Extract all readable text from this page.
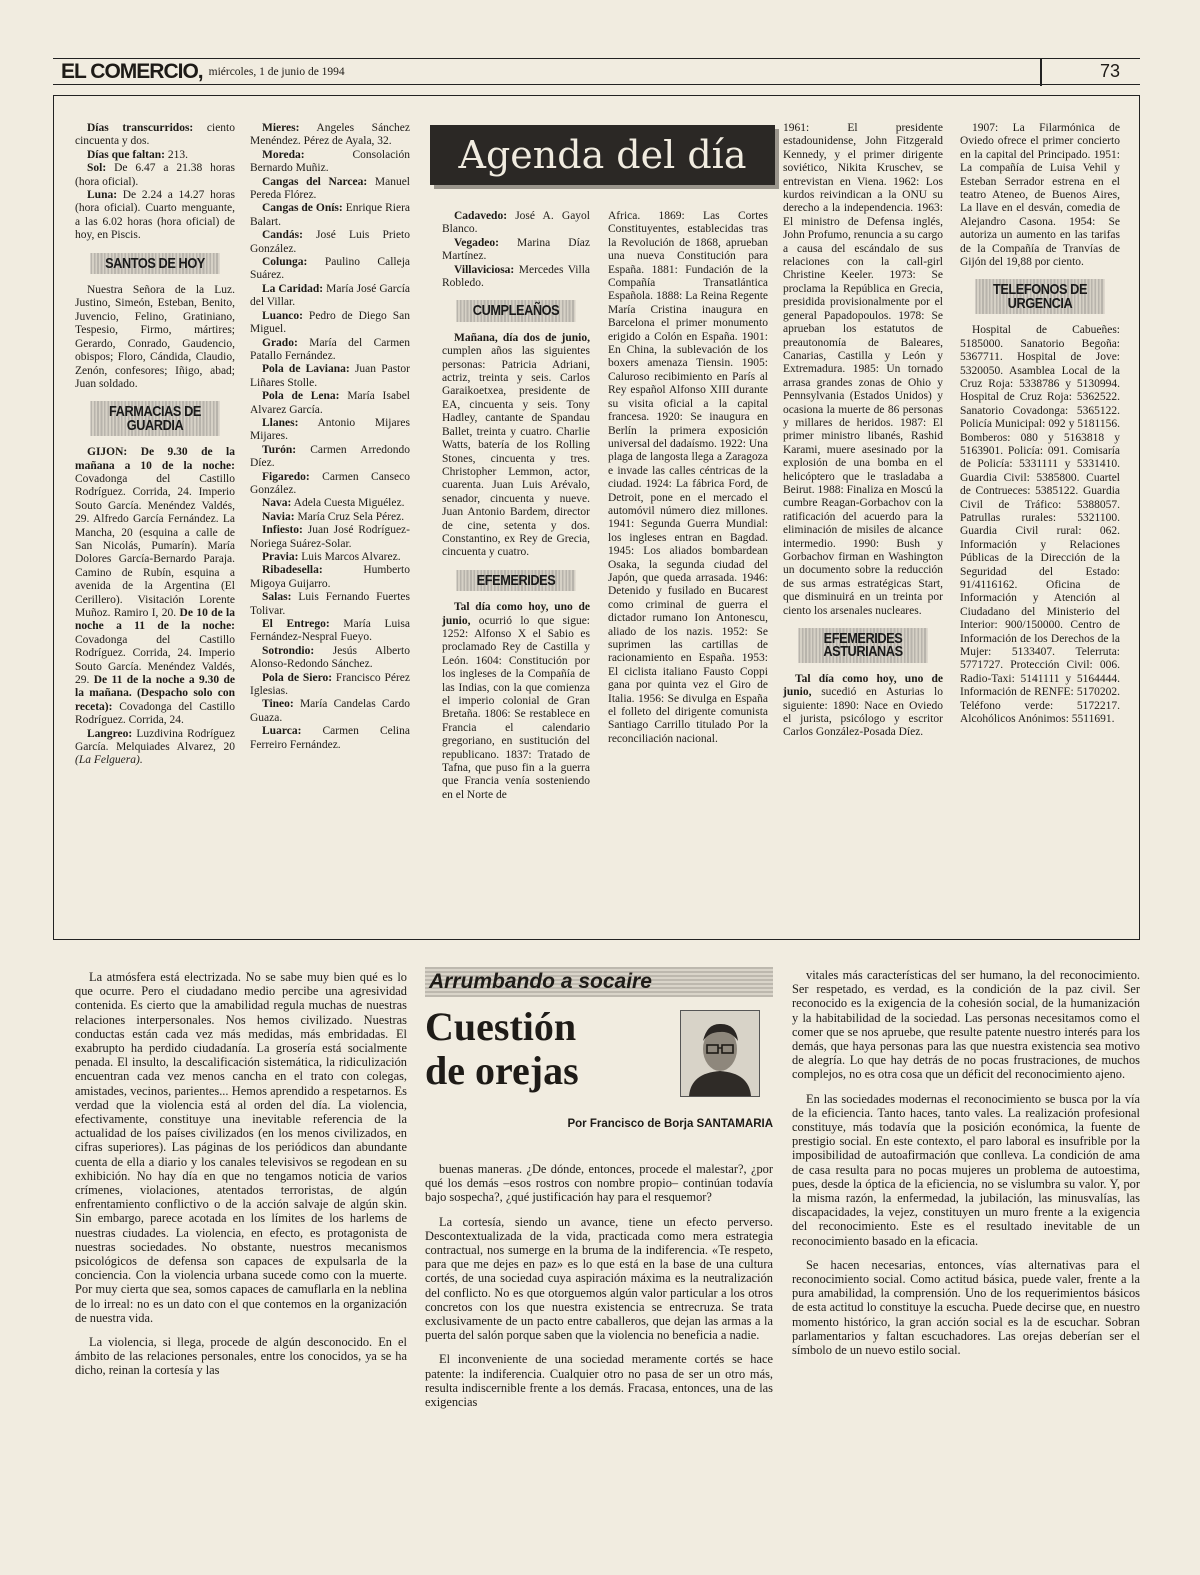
EL COMERCIO, miércoles, 1 de junio de 1994	73
Agenda del día

Días transcurridos: ciento cincuenta y dos.

Días que faltan: 213.

Sol: De 6.47 a 21.38 horas (hora oficial).

Luna: De 2.24 a 14.27 horas (hora oficial). Cuarto menguante, a las 6.02 horas (hora oficial) de hoy, en Piscis.

SANTOS DE HOY

Nuestra Señora de la Luz. Justino, Simeón, Esteban, Benito, Juvencio, Felino, Gratiniano, Tespesio, Firmo, mártires; Gerardo, Conrado, Gaudencio, obispos; Floro, Cándida, Claudio, Zenón, confesores; Iñigo, abad; Juan soldado.

FARMACIAS DE GUARDIA

GIJON: De 9.30 de la mañana a 10 de la noche: Covadonga del Castillo Rodríguez. Corrida, 24. Imperio Souto García. Menéndez Valdés, 29. Alfredo García Fernández. La Mancha, 20 (esquina a calle de San Nicolás, Pumarín). María Dolores García-Bernardo Paraja. Camino de Rubín, esquina a avenida de la Argentina (El Cerillero). Visitación Lorente Muñoz. Ramiro I, 20. De 10 de la noche a 11 de la noche: Covadonga del Castillo Rodríguez. Corrida, 24. Imperio Souto García. Menéndez Valdés, 29. De 11 de la noche a 9.30 de la mañana. (Despacho solo con receta): Covadonga del Castillo Rodríguez. Corrida, 24.

Langreo: Luzdivina Rodríguez García. Melquiades Alvarez, 20 (La Felguera).

Mieres: Angeles Sánchez Menéndez. Pérez de Ayala, 32.

Moreda:	Consolación Bernardo Muñiz.

Cangas del Narcea: Manuel Pereda Flórez.

Cangas de Onís: Enrique Riera Balart.

Candás: José Luis Prieto González.

Colunga: Paulino Calleja Suárez.

La Caridad: María José García del Villar.

Luanco: Pedro de Diego San Miguel.

Grado: María del Carmen Patallo Fernández.

Pola de Laviana: Juan Pastor Liñares Stolle.

Pola de Lena: María Isabel Alvarez García.

Llanes: Antonio Mijares Mijares.

Turón: Carmen Arredondo Díez.

Figaredo: Carmen Canseco González.

Nava: Adela Cuesta Miguélez.

Navia: María Cruz Sela Pérez.

Infiesto: Juan José Rodríguez-Noriega Suárez-Solar.

Pravia: Luis Marcos Alvarez.

Ribadesella:	Humberto Migoya Guijarro.

Salas: Luis Fernando Fuertes Tolivar.

El Entrego: María Luisa Fernández-Nespral Fueyo.

Sotrondio: Jesús Alberto Alonso-Redondo Sánchez.

Pola de Siero: Francisco Pérez Iglesias.

Tineo: María Candelas Cardo Guaza.

Luarca: Carmen Celina Ferreiro Fernández.

Cadavedo: José A. Gayol Blanco.

Vegadeo: Marina Díaz Martínez.

Villaviciosa: Mercedes Villa Robledo.

CUMPLEAÑOS

Mañana, día dos de junio, cumplen años las siguientes personas: Patricia Adriani, actriz, treinta y seis. Carlos Garaikoetxea, presidente de EA, cincuenta y seis. Tony Hadley, cantante de Spandau Ballet, treinta y cuatro. Charlie Watts, batería de los Rolling Stones, cincuenta y tres. Christopher Lemmon, actor, cuarenta. Juan Luis Arévalo, senador, cincuenta y nueve. Juan Antonio Bardem, director de cine, setenta y dos. Constantino, ex Rey de Grecia, cincuenta y cuatro.

EFEMERIDES

Tal día como hoy, uno de junio, ocurrió lo que sigue: 1252: Alfonso X el Sabio es proclamado Rey de Castilla y León. 1604: Constitución por los ingleses de la Compañía de las Indias, con la que comienza el imperio colonial de Gran Bretaña. 1806: Se restablece en Francia el calendario gregoriano, en sustitución del republicano. 1837: Tratado de Tafna, que puso fin a la guerra que Francia venía sosteniendo en el Norte de

Africa. 1869: Las Cortes Constituyentes, establecidas tras la Revolución de 1868, aprueban una nueva Constitución para España. 1881: Fundación de la Compañía Transatlántica Española. 1888: La Reina Regente María Cristina inaugura en Barcelona el primer monumento erigido a Colón en España. 1901: En China, la sublevación de los boxers amenaza Tiensin. 1905: Caluroso recibimiento en París al Rey español Alfonso XIII durante su visita oficial a la capital francesa. 1920: Se inaugura en Berlín la primera exposición universal del dadaísmo. 1922: Una plaga de langosta llega a Zaragoza e invade las calles céntricas de la ciudad. 1924: La fábrica Ford, de Detroit, pone en el mercado el automóvil número diez millones. 1941: Segunda Guerra Mundial: los ingleses entran en Bagdad. 1945: Los aliados bombardean Osaka, la segunda ciudad del Japón, que queda arrasada. 1946: Detenido y fusilado en Bucarest como criminal de guerra el dictador rumano Ion Antonescu, aliado de los nazis. 1952: Se suprimen las cartillas de racionamiento en España. 1953: El ciclista italiano Fausto Coppi gana por quinta vez el Giro de Italia. 1956: Se divulga en España el folleto del dirigente comunista Santiago Carrillo titulado Por la reconciliación nacional.

1961: El presidente estadounidense, John Fitzgerald Kennedy, y el primer dirigente soviético, Nikita Kruschev, se entrevistan en Viena. 1962: Los kurdos reivindican a la ONU su derecho a la independencia. 1963: El ministro de Defensa inglés, John Profumo, renuncia a su cargo a causa del escándalo de sus relaciones con la call-girl Christine Keeler. 1973: Se proclama la República en Grecia, presidida provisionalmente por el general Papadopoulos. 1978: Se aprueban los estatutos de preautonomía de Baleares, Canarias, Castilla y León y Extremadura. 1985: Un tornado arrasa grandes zonas de Ohio y Pennsylvania (Estados Unidos) y ocasiona la muerte de 86 personas y millares de heridos. 1987: El primer ministro libanés, Rashid Karami, muere asesinado por la explosión de una bomba en el helicóptero que le trasladaba a Beirut. 1988: Finaliza en Moscú la cumbre Reagan-Gorbachov con la ratificación del acuerdo para la eliminación de misiles de alcance intermedio. 1990: Bush y Gorbachov firman en Washington un documento sobre la reducción de sus armas estratégicas Start, que disminuirá en un treinta por ciento los arsenales nucleares.

EFEMERIDES ASTURIANAS

Tal día como hoy, uno de junio, sucedió en Asturias lo siguiente: 1890: Nace en Oviedo el jurista, psicólogo y escritor Carlos González-Posada Díez.

1907: La Filarmónica de Oviedo ofrece el primer concierto en la capital del Principado. 1951: La compañía de Luisa Vehil y Esteban Serrador estrena en el teatro Ateneo, de Buenos Aires, La llave en el desván, comedia de Alejandro Casona. 1954: Se autoriza un aumento en las tarifas de la Compañía de Tranvías de Gijón del 19,88 por ciento.

TELEFONOS DE URGENCIA

Hospital de Cabueñes: 5185000. Sanatorio Begoña: 5367711. Hospital de Jove: 5320050. Asamblea Local de la Cruz Roja: 5338786 y 5130994. Hospital de Cruz Roja: 5362522. Sanatorio Covadonga: 5365122. Policía Municipal: 092 y 5181156. Bomberos: 080 y 5163818 y 5163901. Policía: 091. Comisaría de Policía: 5331111 y 5331410. Guardia Civil: 5385800. Cuartel de Contrueces: 5385122. Guardia Civil de Tráfico: 5388057. Patrullas rurales: 5321100. Guardia Civil rural: 062. Información y Relaciones Públicas de la Dirección de la Seguridad del Estado: 91/4116162. Oficina de Información y Atención al Ciudadano del Ministerio del Interior: 900/150000. Centro de Información de los Derechos de la Mujer: 5133407. Telerruta: 5771727. Protección Civil: 006. Radio-Taxi: 5141111 y 5164444. Información de RENFE: 5170202. Teléfono verde: 5172217. Alcohólicos Anónimos: 5511691.

Arrumbando a socaire
Cuestión
de orejas
Por Francisco de Borja SANTAMARIA

La atmósfera está electrizada. No se sabe muy bien qué es lo que ocurre. Pero el ciudadano medio percibe una agresividad contenida. Es cierto que la amabilidad regula muchas de nuestras relaciones interpersonales. Nos hemos civilizado. Nuestras conductas están cada vez más medidas, más embridadas. El exabrupto ha perdido ciudadanía. La grosería está socialmente penada. El insulto, la descalificación sistemática, la ridiculización encuentran cada vez menos cancha en el trato con colegas, amistades, vecinos, parientes... Hemos aprendido a respetarnos. Es verdad que la violencia está al orden del día. La violencia, efectivamente, constituye una inevitable referencia de la actualidad de los países civilizados (en los menos civilizados, en cifras superiores). Las páginas de los periódicos dan abundante cuenta de ella a diario y los canales televisivos se regodean en su exhibición. No hay día en que no tengamos noticia de varios crímenes, violaciones, atentados terroristas, de algún enfrentamiento conflictivo o de la acción salvaje de algún skin. Sin embargo, parece acotada en los límites de los harlems de nuestras ciudades. La violencia, en efecto, es protagonista de nuestras sociedades. No obstante, nuestros mecanismos psicológicos de defensa son capaces de expulsarla de la conciencia. Con la violencia urbana sucede como con la muerte. Por muy cierta que sea, somos capaces de camuflarla en la neblina de lo irreal: no es un dato con el que contemos en la organización de nuestra vida.

La violencia, si llega, procede de algún desconocido. En el ámbito de las relaciones personales, entre los conocidos, ya se ha dicho, reinan la cortesía y las

buenas maneras. ¿De dónde, entonces, procede el malestar?, ¿por qué los demás –esos rostros con nombre propio– continúan todavía bajo sospecha?, ¿qué justificación hay para el resquemor?

La cortesía, siendo un avance, tiene un efecto perverso. Descontextualizada de la vida, practicada como mera estrategia contractual, nos sumerge en la bruma de la indiferencia. «Te respeto, para que me dejes en paz» es lo que está en la base de una cultura cortés, de una sociedad cuya aspiración máxima es la neutralización del conflicto. No es que otorguemos algún valor particular a los otros concretos con los que nuestra existencia se entrecruza. Se trata exclusivamente de un pacto entre caballeros, que dejan las armas a la puerta del salón porque saben que la violencia no beneficia a nadie.

El inconveniente de una sociedad meramente cortés se hace patente: la indiferencia. Cualquier otro no pasa de ser un otro más, resulta indiscernible frente a los demás. Fracasa, entonces, una de las exigencias

vitales más características del ser humano, la del reconocimiento. Ser respetado, es verdad, es la condición de la paz civil. Ser reconocido es la exigencia de la cohesión social, de la humanización y la habitabilidad de la sociedad. Las personas necesitamos como el comer que se nos apruebe, que resulte patente nuestro interés para los demás, que haya personas para las que nuestra existencia sea motivo de alegría. Lo que hay detrás de no pocas frustraciones, de muchos complejos, no es otra cosa que un déficit del reconocimiento ajeno.

En las sociedades modernas el reconocimiento se busca por la vía de la eficiencia. Tanto haces, tanto vales. La realización profesional constituye, más todavía que la posición económica, la fuente de prestigio social. En este contexto, el paro laboral es insufrible por la imposibilidad de autoafirmación que conlleva. La condición de ama de casa resulta para no pocas mujeres un problema de autoestima, pues, desde la óptica de la eficiencia, no se vislumbra su valor. Y, por la misma razón, la enfermedad, la jubilación, las minusvalías, las discapacidades, la vejez, constituyen un muro frente a la exigencia del reconocimiento. Este es el resultado inevitable de un reconocimiento basado en la eficacia.

Se hacen necesarias, entonces, vías alternativas para el reconocimiento social. Como actitud básica, puede valer, frente a la pura amabilidad, la comprensión. Uno de los requerimientos básicos de esta actitud lo constituye la escucha. Puede decirse que, en nuestro momento histórico, la gran acción social es la de escuchar. Sobran parlamentarios y faltan escuchadores. Las orejas deberían ser el símbolo de un nuevo estilo social.
